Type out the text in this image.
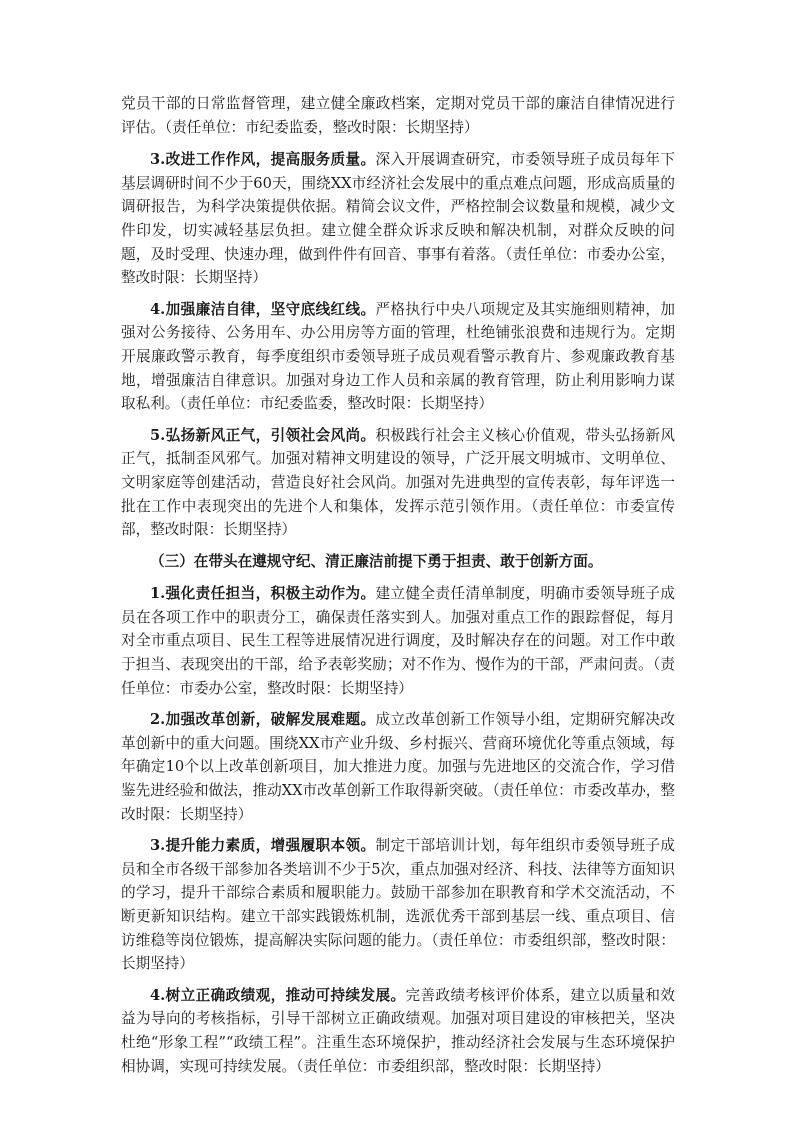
党员干部的日常监督管理，建立健全廉政档案，定期对党员干部的廉洁自律情况进行评估。（责任单位：市纪委监委，整改时限：长期坚持）

3.改进工作作风，提高服务质量。深入开展调查研究，市委领导班子成员每年下基层调研时间不少于60天，围绕XX市经济社会发展中的重点难点问题，形成高质量的调研报告，为科学决策提供依据。精简会议文件，严格控制会议数量和规模，减少文件印发，切实减轻基层负担。建立健全群众诉求反映和解决机制，对群众反映的问题，及时受理、快速办理，做到件件有回音、事事有着落。（责任单位：市委办公室，整改时限：长期坚持）

4.加强廉洁自律，坚守底线红线。严格执行中央八项规定及其实施细则精神，加强对公务接待、公务用车、办公用房等方面的管理，杜绝铺张浪费和违规行为。定期开展廉政警示教育，每季度组织市委领导班子成员观看警示教育片、参观廉政教育基地，增强廉洁自律意识。加强对身边工作人员和亲属的教育管理，防止利用影响力谋取私利。（责任单位：市纪委监委，整改时限：长期坚持）

5.弘扬新风正气，引领社会风尚。积极践行社会主义核心价值观，带头弘扬新风正气，抵制歪风邪气。加强对精神文明建设的领导，广泛开展文明城市、文明单位、文明家庭等创建活动，营造良好社会风尚。加强对先进典型的宣传表彰，每年评选一批在工作中表现突出的先进个人和集体，发挥示范引领作用。（责任单位：市委宣传部，整改时限：长期坚持）

（三）在带头在遵规守纪、清正廉洁前提下勇于担责、敢于创新方面。

1.强化责任担当，积极主动作为。建立健全责任清单制度，明确市委领导班子成员在各项工作中的职责分工，确保责任落实到人。加强对重点工作的跟踪督促，每月对全市重点项目、民生工程等进展情况进行调度，及时解决存在的问题。对工作中敢于担当、表现突出的干部，给予表彰奖励；对不作为、慢作为的干部，严肃问责。（责任单位：市委办公室，整改时限：长期坚持）

2.加强改革创新，破解发展难题。成立改革创新工作领导小组，定期研究解决改革创新中的重大问题。围绕XX市产业升级、乡村振兴、营商环境优化等重点领域，每年确定10个以上改革创新项目，加大推进力度。加强与先进地区的交流合作，学习借鉴先进经验和做法，推动XX市改革创新工作取得新突破。（责任单位：市委改革办，整改时限：长期坚持）

3.提升能力素质，增强履职本领。制定干部培训计划，每年组织市委领导班子成员和全市各级干部参加各类培训不少于5次，重点加强对经济、科技、法律等方面知识的学习，提升干部综合素质和履职能力。鼓励干部参加在职教育和学术交流活动，不断更新知识结构。建立干部实践锻炼机制，选派优秀干部到基层一线、重点项目、信访维稳等岗位锻炼，提高解决实际问题的能力。（责任单位：市委组织部，整改时限：长期坚持）

4.树立正确政绩观，推动可持续发展。完善政绩考核评价体系，建立以质量和效益为导向的考核指标，引导干部树立正确政绩观。加强对项目建设的审核把关，坚决杜绝“形象工程”“政绩工程”。注重生态环境保护，推动经济社会发展与生态环境保护相协调，实现可持续发展。（责任单位：市委组织部，整改时限：长期坚持）
